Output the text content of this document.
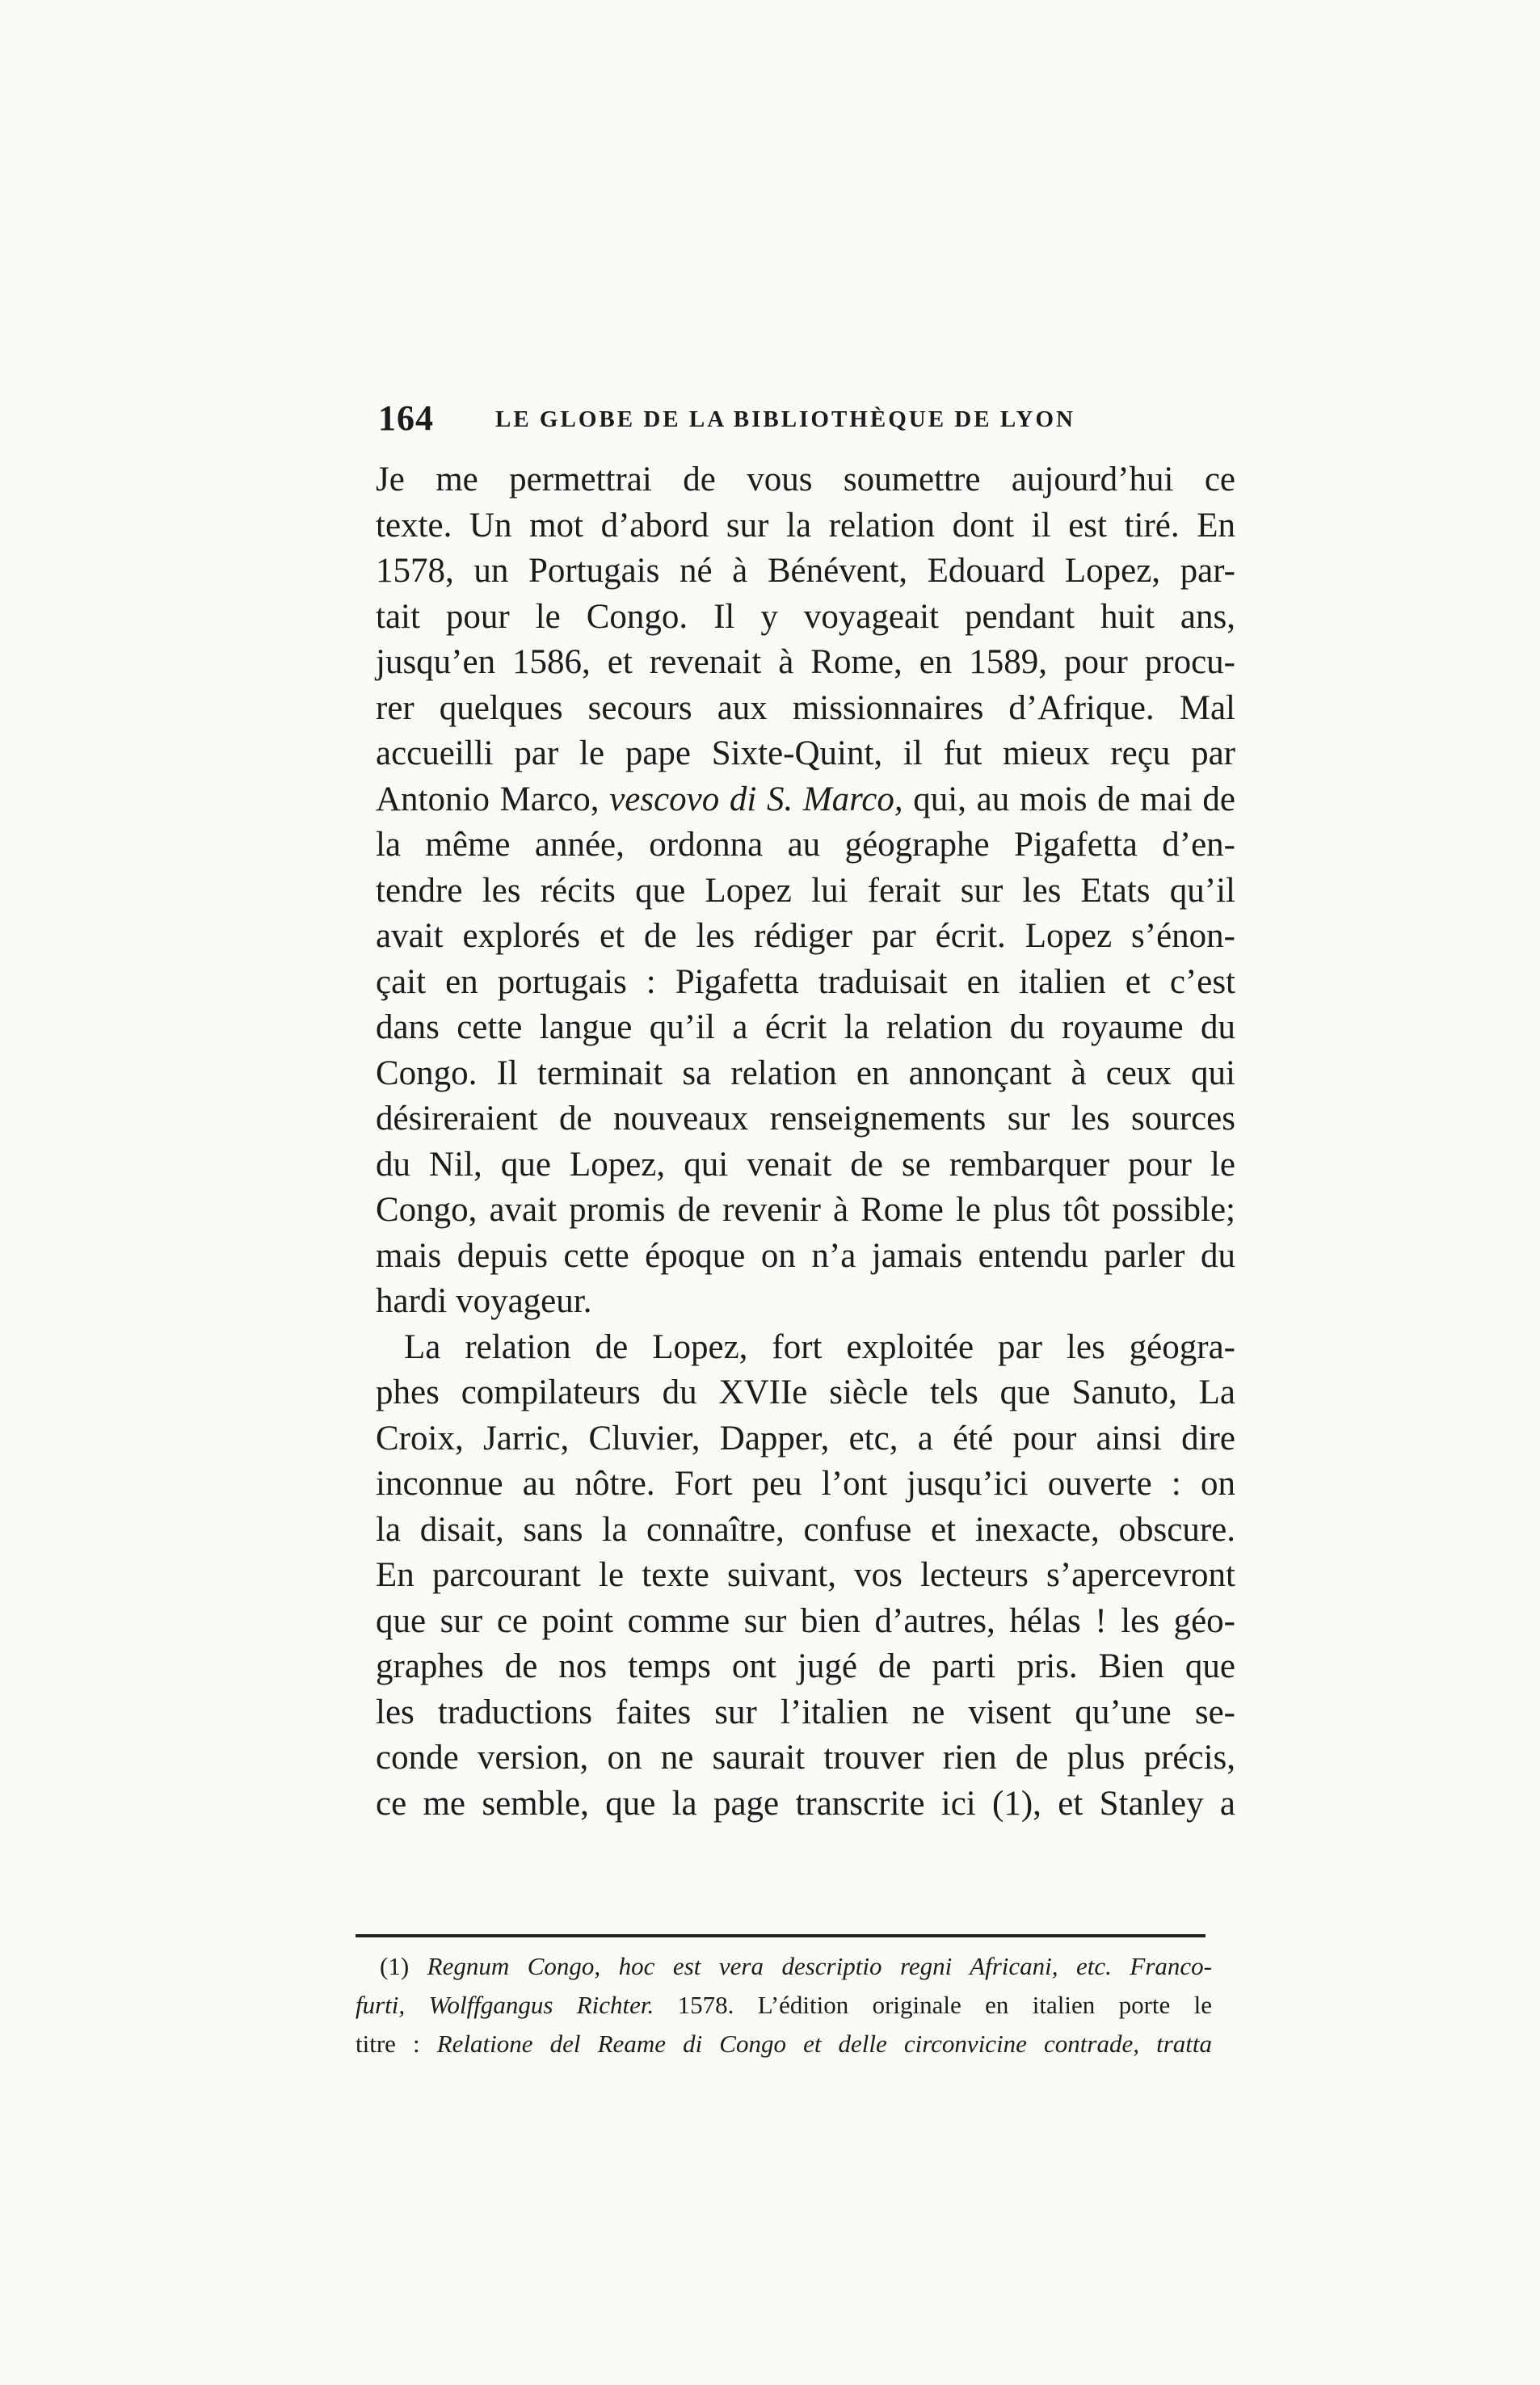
164	LE GLOBE DE LA BIBLIOTHÈQUE DE LYON
Je me permettrai de vous soumettre aujourd’hui ce
texte. Un mot d’abord sur la relation dont il est tiré. En
1578, un Portugais né à Bénévent, Edouard Lopez, par-
tait pour le Congo. Il y voyageait pendant huit ans,
jusqu’en 1586, et revenait à Rome, en 1589, pour procu-
rer quelques secours aux missionnaires d’Afrique. Mal
accueilli par le pape Sixte-Quint, il fut mieux reçu par
Antonio Marco, vescovo di S. Marco, qui, au mois de mai de
la même année, ordonna au géographe Pigafetta d’en-
tendre les récits que Lopez lui ferait sur les Etats qu’il
avait explorés et de les rédiger par écrit. Lopez s’énon-
çait en portugais : Pigafetta traduisait en italien et c’est
dans cette langue qu’il a écrit la relation du royaume du
Congo. Il terminait sa relation en annonçant à ceux qui
désireraient de nouveaux renseignements sur les sources
du Nil, que Lopez, qui venait de se rembarquer pour le
Congo, avait promis de revenir à Rome le plus tôt possible;
mais depuis cette époque on n’a jamais entendu parler du
hardi voyageur.
La relation de Lopez, fort exploitée par les géogra-
phes compilateurs du XVIIe siècle tels que Sanuto, La
Croix, Jarric, Cluvier, Dapper, etc, a été pour ainsi dire
inconnue au nôtre. Fort peu l’ont jusqu’ici ouverte : on
la disait, sans la connaître, confuse et inexacte, obscure.
En parcourant le texte suivant, vos lecteurs s’apercevront
que sur ce point comme sur bien d’autres, hélas ! les géo-
graphes de nos temps ont jugé de parti pris. Bien que
les traductions faites sur l’italien ne visent qu’une se-
conde version, on ne saurait trouver rien de plus précis,
ce me semble, que la page transcrite ici (1), et Stanley a
(1) Regnum Congo, hoc est vera descriptio regni Africani, etc. Franco-
furti, Wolffgangus Richter. 1578. L’édition originale en italien porte le
titre : Relatione del Reame di Congo et delle circonvicine contrade, tratta
